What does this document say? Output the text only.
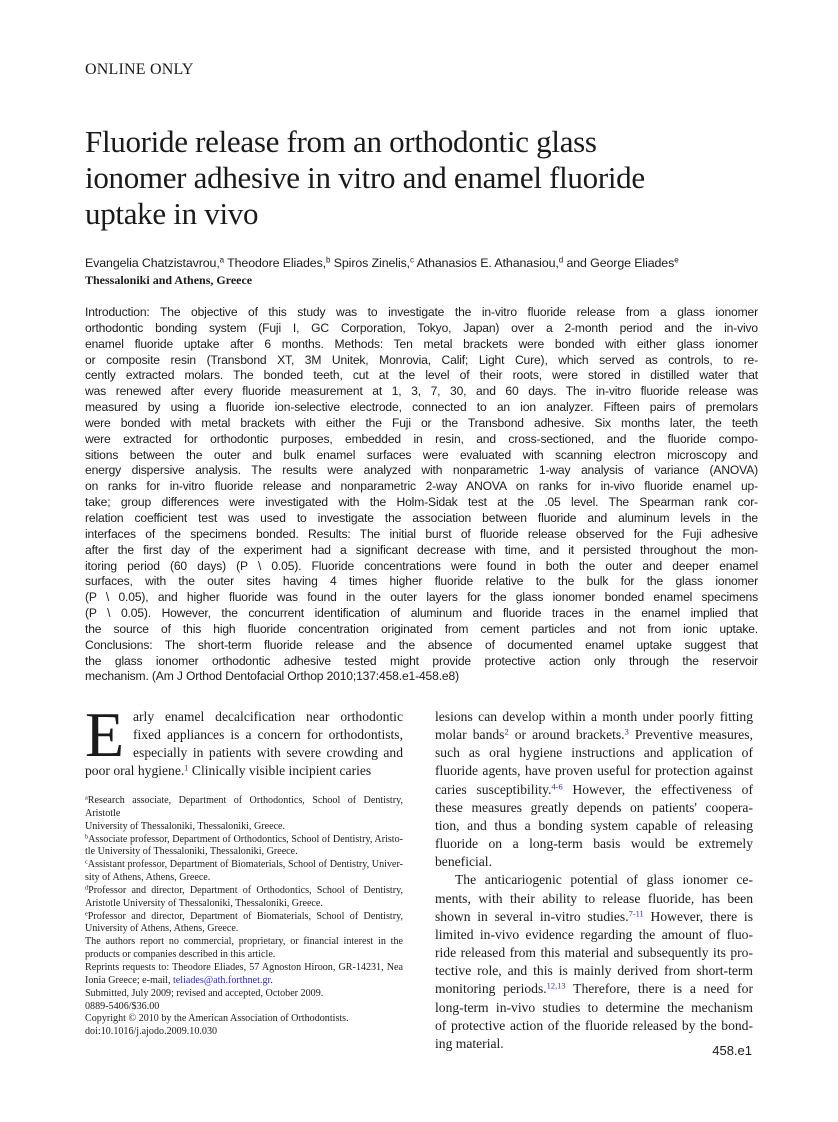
ONLINE ONLY
Fluoride release from an orthodontic glass
ionomer adhesive in vitro and enamel fluoride
uptake in vivo
Evangelia Chatzistavrou,$^a$ Theodore Eliades,$^b$ Spiros Zinelis,$^c$ Athanasios E. Athanasiou,$^d$ and George Eliades$^e$
Thessaloniki and Athens, Greece
Introduction: The objective of this study was to investigate the in-vitro fluoride release from a glass ionomer
orthodontic bonding system (Fuji I, GC Corporation, Tokyo, Japan) over a 2-month period and the in-vivo
enamel fluoride uptake after 6 months. Methods: Ten metal brackets were bonded with either glass ionomer
or composite resin (Transbond XT, 3M Unitek, Monrovia, Calif; Light Cure), which served as controls, to re-
cently extracted molars. The bonded teeth, cut at the level of their roots, were stored in distilled water that
was renewed after every fluoride measurement at 1, 3, 7, 30, and 60 days. The in-vitro fluoride release was
measured by using a fluoride ion-selective electrode, connected to an ion analyzer. Fifteen pairs of premolars
were bonded with metal brackets with either the Fuji or the Transbond adhesive. Six months later, the teeth
were extracted for orthodontic purposes, embedded in resin, and cross-sectioned, and the fluoride compo-
sitions between the outer and bulk enamel surfaces were evaluated with scanning electron microscopy and
energy dispersive analysis. The results were analyzed with nonparametric 1-way analysis of variance (ANOVA)
on ranks for in-vitro fluoride release and nonparametric 2-way ANOVA on ranks for in-vivo fluoride enamel up-
take; group differences were investigated with the Holm-Sidak test at the .05 level. The Spearman rank cor-
relation coefficient test was used to investigate the association between fluoride and aluminum levels in the
interfaces of the specimens bonded. Results: The initial burst of fluoride release observed for the Fuji adhesive
after the first day of the experiment had a significant decrease with time, and it persisted throughout the mon-
itoring period (60 days) (P \ 0.05). Fluoride concentrations were found in both the outer and deeper enamel
surfaces, with the outer sites having 4 times higher fluoride relative to the bulk for the glass ionomer
(P \ 0.05), and higher fluoride was found in the outer layers for the glass ionomer bonded enamel specimens
(P \ 0.05). However, the concurrent identification of aluminum and fluoride traces in the enamel implied that
the source of this high fluoride concentration originated from cement particles and not from ionic uptake.
Conclusions: The short-term fluoride release and the absence of documented enamel uptake suggest that
the glass ionomer orthodontic adhesive tested might provide protective action only through the reservoir
mechanism. (Am J Orthod Dentofacial Orthop 2010;137:458.e1-458.e8)
E arly enamel decalcification near orthodontic
fixed appliances is a concern for orthodontists,
especially in patients with severe crowding and
poor oral hygiene.$^1$ Clinically visible incipient caries
$^a$Research associate, Department of Orthodontics, School of Dentistry, Aristotle
University of Thessaloniki, Thessaloniki, Greece.
$^b$Associate professor, Department of Orthodontics, School of Dentistry, Aristo-
tle University of Thessaloniki, Thessaloniki, Greece.
$^c$Assistant professor, Department of Biomaterials, School of Dentistry, Univer-
sity of Athens, Athens, Greece.
$^d$Professor and director, Department of Orthodontics, School of Dentistry,
Aristotle University of Thessaloniki, Thessaloniki, Greece.
$^e$Professor and director, Department of Biomaterials, School of Dentistry,
University of Athens, Athens, Greece.
The authors report no commercial, proprietary, or financial interest in the
products or companies described in this article.
Reprints requests to: Theodore Eliades, 57 Agnoston Hiroon, GR-14231, Nea
Ionia Greece; e-mail, teliades@ath.forthnet.gr.
Submitted, July 2009; revised and accepted, October 2009.
0889-5406/$36.00
Copyright © 2010 by the American Association of Orthodontists.
doi:10.1016/j.ajodo.2009.10.030
lesions can develop within a month under poorly fitting
molar bands$^2$ or around brackets.$^3$ Preventive measures,
such as oral hygiene instructions and application of
fluoride agents, have proven useful for protection against
caries susceptibility.$^{4-6}$ However, the effectiveness of
these measures greatly depends on patients' coopera-
tion, and thus a bonding system capable of releasing
fluoride on a long-term basis would be extremely
beneficial.
The anticariogenic potential of glass ionomer ce-
ments, with their ability to release fluoride, has been
shown in several in-vitro studies.$^{7-11}$ However, there is
limited in-vivo evidence regarding the amount of fluo-
ride released from this material and subsequently its pro-
tective role, and this is mainly derived from short-term
monitoring periods.$^{12,13}$ Therefore, there is a need for
long-term in-vivo studies to determine the mechanism
of protective action of the fluoride released by the bond-
ing material.	458.e1
